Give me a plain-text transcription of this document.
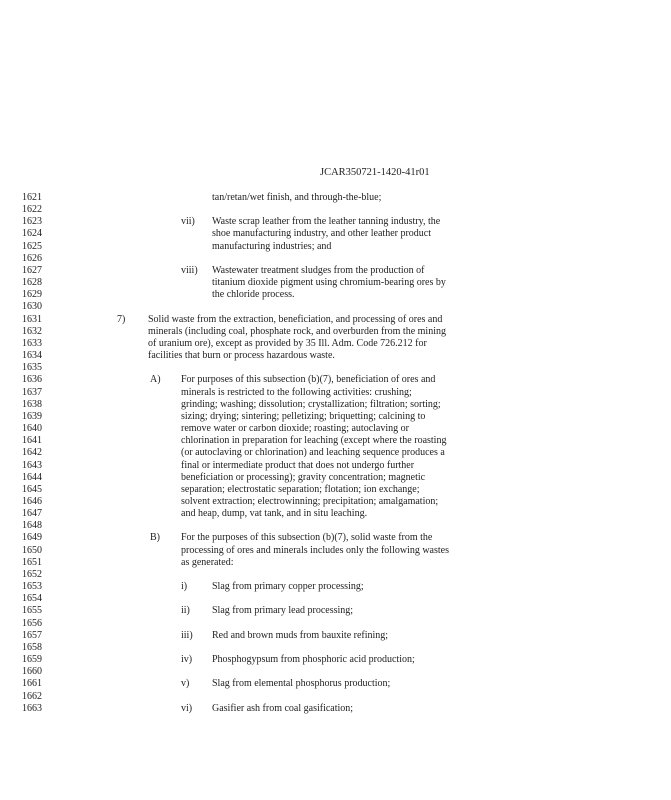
JCAR350721-1420-41r01
1621	tan/retan/wet finish, and through-the-blue;
1622
1623	vii) Waste scrap leather from the leather tanning industry, the
1624	shoe manufacturing industry, and other leather product
1625	manufacturing industries; and
1626
1627	viii) Wastewater treatment sludges from the production of
1628	titanium dioxide pigment using chromium-bearing ores by
1629	the chloride process.
1630
1631	7) Solid waste from the extraction, beneficiation, and processing of ores and
1632	minerals (including coal, phosphate rock, and overburden from the mining
1633	of uranium ore), except as provided by 35 Ill. Adm. Code 726.212 for
1634	facilities that burn or process hazardous waste.
1635
1636	A) For purposes of this subsection (b)(7), beneficiation of ores and
1637	minerals is restricted to the following activities: crushing;
1638	grinding; washing; dissolution; crystallization; filtration; sorting;
1639	sizing; drying; sintering; pelletizing; briquetting; calcining to
1640	remove water or carbon dioxide; roasting; autoclaving or
1641	chlorination in preparation for leaching (except where the roasting
1642	(or autoclaving or chlorination) and leaching sequence produces a
1643	final or intermediate product that does not undergo further
1644	beneficiation or processing); gravity concentration; magnetic
1645	separation; electrostatic separation; flotation; ion exchange;
1646	solvent extraction; electrowinning; precipitation; amalgamation;
1647	and heap, dump, vat tank, and in situ leaching.
1648
1649	B) For the purposes of this subsection (b)(7), solid waste from the
1650	processing of ores and minerals includes only the following wastes
1651	as generated:
1652
1653	i) Slag from primary copper processing;
1654
1655	ii) Slag from primary lead processing;
1656
1657	iii) Red and brown muds from bauxite refining;
1658
1659	iv) Phosphogypsum from phosphoric acid production;
1660
1661	v) Slag from elemental phosphorus production;
1662
1663	vi) Gasifier ash from coal gasification;
